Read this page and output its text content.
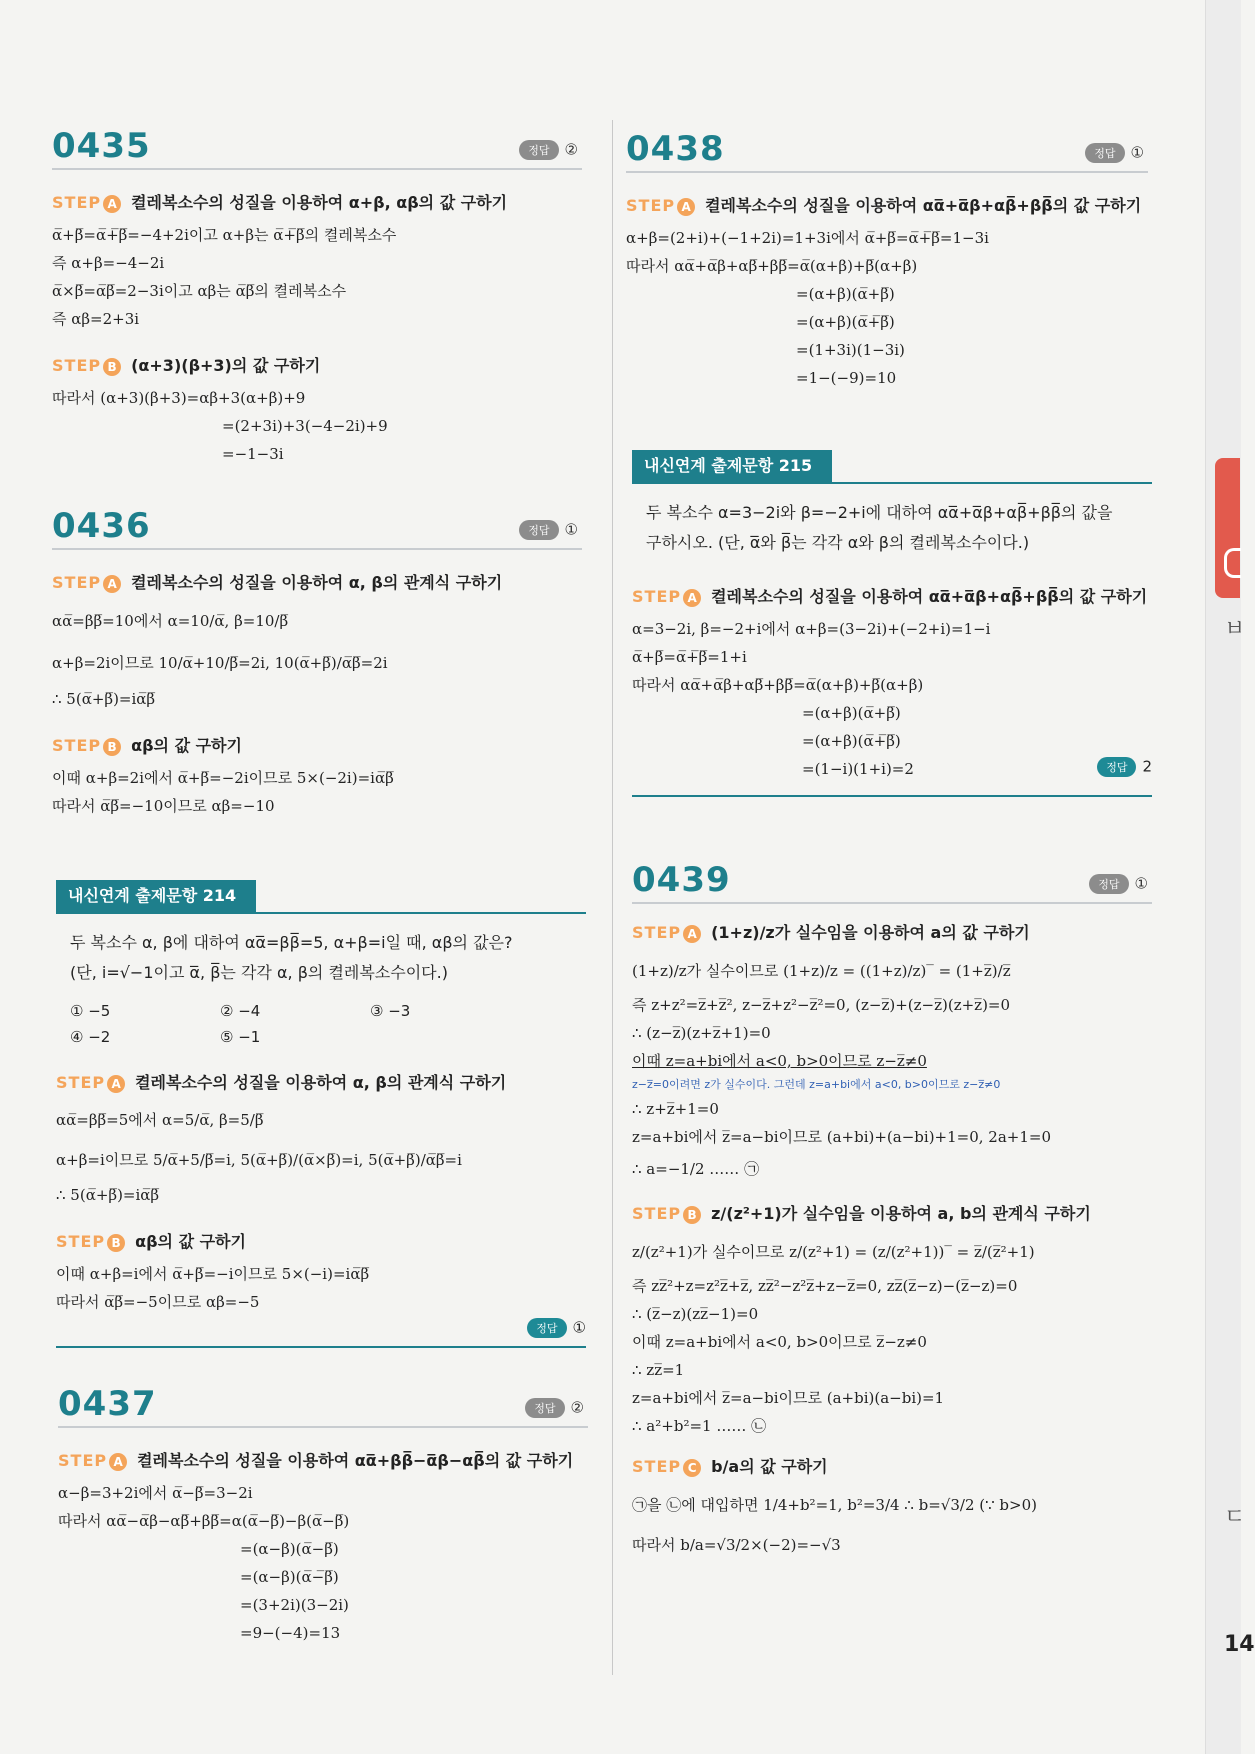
ㅂ
ㄷ
14
0435	정답 ②
STEP A 켤레복소수의 성질을 이용하여 α+β, αβ의 값 구하기
α̅+β̅=α̅+̅β̅=−4+2i이고 α+β는 α̅+̅β̅의 켤레복소수
즉 α+β=−4−2i
α̅×β̅=α̅β̅=2−3i이고 αβ는 α̅β̅의 켤레복소수
즉 αβ=2+3i
STEP B (α+3)(β+3)의 값 구하기
따라서 (α+3)(β+3)=αβ+3(α+β)+9
=(2+3i)+3(−4−2i)+9
=−1−3i
0436	정답 ①
STEP A 켤레복소수의 성질을 이용하여 α, β의 관계식 구하기
αα̅=ββ̅=10에서 α=10/α̅, β=10/β̅
α+β=2i이므로 10/α̅+10/β̅=2i, 10(α̅+β̅)/α̅β̅=2i
∴ 5(α̅+β̅)=iα̅β̅
STEP B αβ의 값 구하기
이때 α+β=2i에서 α̅+β̅=−2i이므로 5×(−2i)=iα̅β̅
따라서 α̅β̅=−10이므로 αβ=−10
내신연계 출제문항 214
두 복소수 α, β에 대하여 αα̅=ββ̅=5, α+β=i일 때, αβ의 값은?
(단, i=√−1이고 α̅, β̅는 각각 α, β의 켤레복소수이다.)
① −5	② −4	③ −3
④ −2	⑤ −1
STEP A 켤레복소수의 성질을 이용하여 α, β의 관계식 구하기
αα̅=ββ̅=5에서 α=5/α̅, β=5/β̅
α+β=i이므로 5/α̅+5/β̅=i, 5(α̅+β̅)/(α̅×β̅)=i, 5(α̅+β̅)/α̅β̅=i
∴ 5(α̅+β̅)=iα̅β̅
STEP B αβ의 값 구하기
이때 α+β=i에서 α̅+β̅=−i이므로 5×(−i)=iα̅β̅
따라서 α̅β̅=−5이므로 αβ=−5
정답 ①
0437	정답 ②
STEP A 켤레복소수의 성질을 이용하여 αα̅+ββ̅−α̅β−αβ̅의 값 구하기
α−β=3+2i에서 α̅−β̅=3−2i
따라서 αα̅−α̅β−αβ̅+ββ̅=α(α̅−β̅)−β(α̅−β̅)
=(α−β)(α̅−β̅)
=(α−β)(α̅−̅β̅)
=(3+2i)(3−2i)
=9−(−4)=13
0438	정답 ①
STEP A 켤레복소수의 성질을 이용하여 αα̅+α̅β+αβ̅+ββ̅의 값 구하기
α+β=(2+i)+(−1+2i)=1+3i에서 α̅+β̅=α̅+̅β̅=1−3i
따라서 αα̅+α̅β+αβ̅+ββ̅=α̅(α+β)+β̅(α+β)
=(α+β)(α̅+β̅)
=(α+β)(α̅+̅β̅)
=(1+3i)(1−3i)
=1−(−9)=10
내신연계 출제문항 215
두 복소수 α=3−2i와 β=−2+i에 대하여 αα̅+α̅β+αβ̅+ββ̅의 값을
구하시오. (단, α̅와 β̅는 각각 α와 β의 켤레복소수이다.)
STEP A 켤레복소수의 성질을 이용하여 αα̅+α̅β+αβ̅+ββ̅의 값 구하기
α=3−2i, β=−2+i에서 α+β=(3−2i)+(−2+i)=1−i
α̅+β̅=α̅+̅β̅=1+i
따라서 αα̅+α̅β+αβ̅+ββ̅=α̅(α+β)+β̅(α+β)
=(α+β)(α̅+β̅)
=(α+β)(α̅+̅β̅)
=(1−i)(1+i)=2	정답 2
0439	정답 ①
STEP A (1+z)/z가 실수임을 이용하여 a의 값 구하기
(1+z)/z가 실수이므로 (1+z)/z = ((1+z)/z)‾ = (1+z̅)/z̅
즉 z+z²=z̅+z̅², z−z̅+z²−z̅²=0, (z−z̅)+(z−z̅)(z+z̅)=0
∴ (z−z̅)(z+z̅+1)=0
이때 z=a+bi에서 a<0, b>0이므로 z−z̅≠0
z−z̅=0이려면 z가 실수이다. 그런데 z=a+bi에서 a<0, b>0이므로 z−z̅≠0
∴ z+z̅+1=0
z=a+bi에서 z̅=a−bi이므로 (a+bi)+(a−bi)+1=0, 2a+1=0
∴ a=−1/2 …… ㉠
STEP B z/(z²+1)가 실수임을 이용하여 a, b의 관계식 구하기
z/(z²+1)가 실수이므로 z/(z²+1) = (z/(z²+1))‾ = z̅/(z̅²+1)
즉 zz̅²+z=z²z̅+z̅, zz̅²−z²z̅+z−z̅=0, zz̅(z̅−z)−(z̅−z)=0
∴ (z̅−z)(zz̅−1)=0
이때 z=a+bi에서 a<0, b>0이므로 z̅−z≠0
∴ zz̅=1
z=a+bi에서 z̅=a−bi이므로 (a+bi)(a−bi)=1
∴ a²+b²=1 …… ㉡
STEP C b/a의 값 구하기
㉠을 ㉡에 대입하면 1/4+b²=1, b²=3/4 ∴ b=√3/2 (∵ b>0)
따라서 b/a=√3/2×(−2)=−√3
